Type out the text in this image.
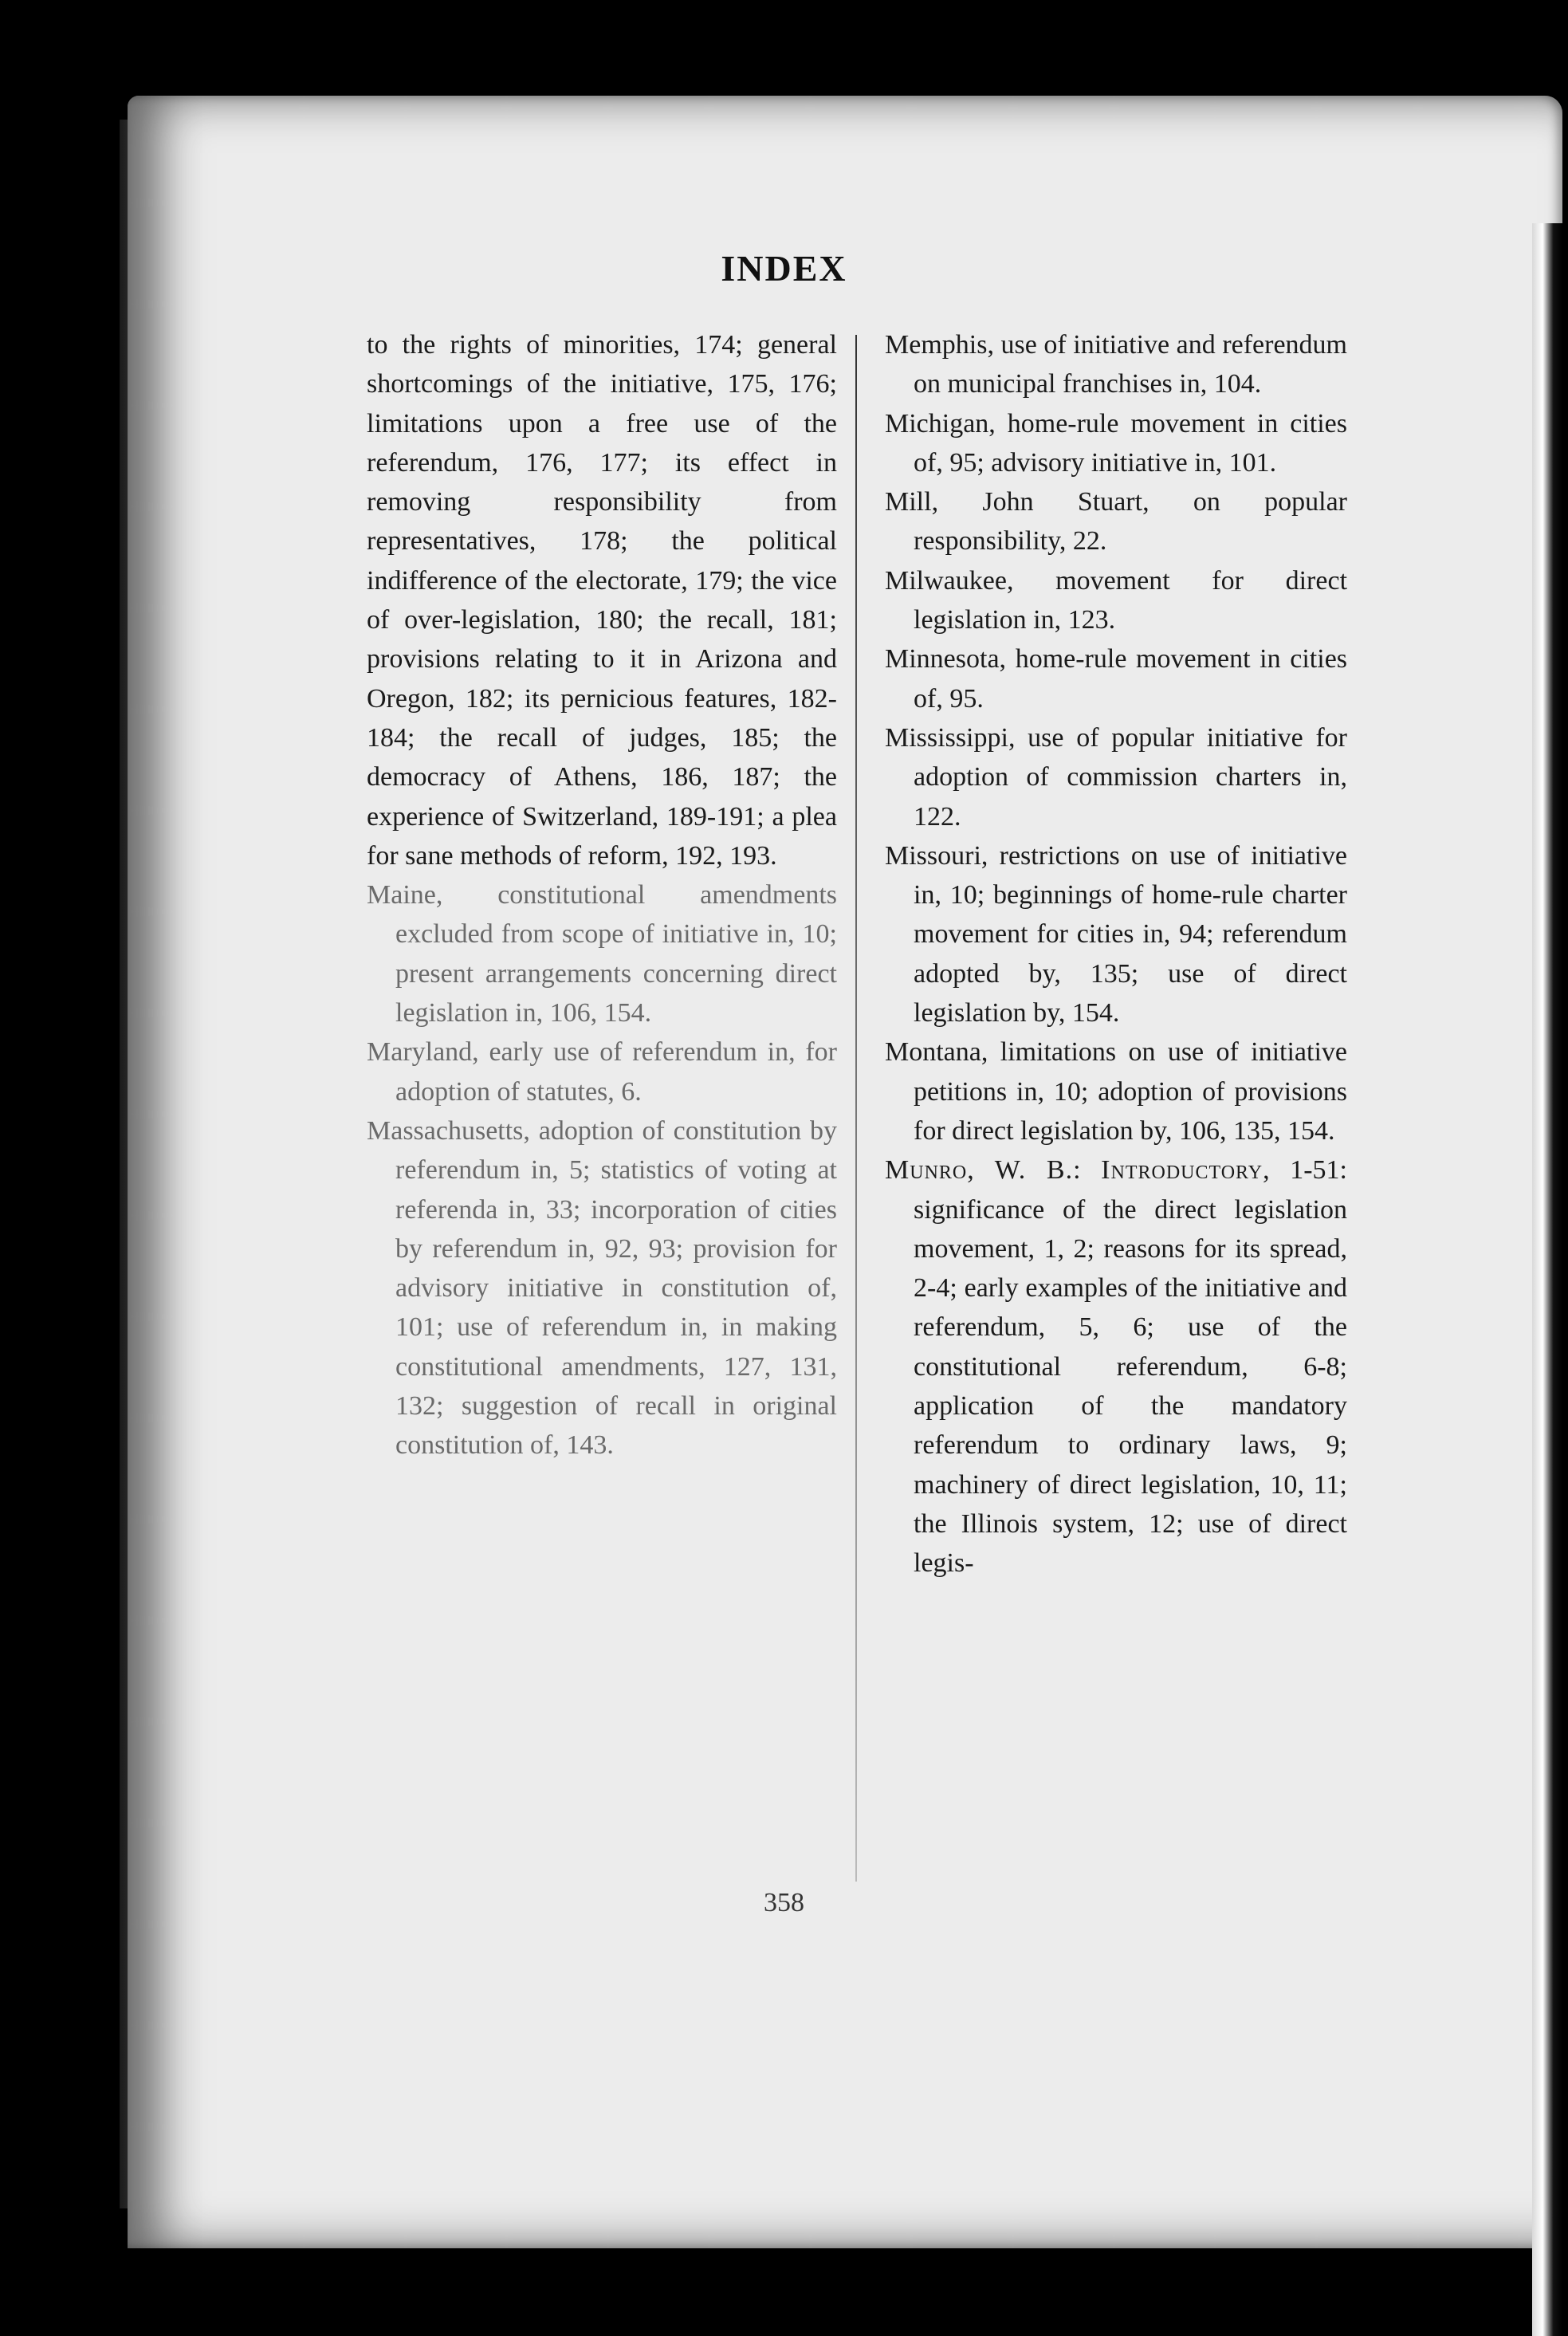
INDEX
to the rights of minorities, 174; general shortcomings of the initiative, 175, 176; limitations upon a free use of the referendum, 176, 177; its effect in removing responsibility from representatives, 178; the political indifference of the electorate, 179; the vice of over-legislation, 180; the recall, 181; provisions relating to it in Arizona and Oregon, 182; its pernicious features, 182-184; the recall of judges, 185; the democracy of Athens, 186, 187; the experience of Switzerland, 189-191; a plea for sane methods of reform, 192, 193.
Maine, constitutional amendments excluded from scope of initiative in, 10; present arrangements concerning direct legislation in, 106, 154.
Maryland, early use of referendum in, for adoption of statutes, 6.
Massachusetts, adoption of constitution by referendum in, 5; statistics of voting at referenda in, 33; incorporation of cities by referendum in, 92, 93; provision for advisory initiative in constitution of, 101; use of referendum in, in making constitutional amendments, 127, 131, 132; suggestion of recall in original constitution of, 143.
Memphis, use of initiative and referendum on municipal franchises in, 104.
Michigan, home-rule movement in cities of, 95; advisory initiative in, 101.
Mill, John Stuart, on popular responsibility, 22.
Milwaukee, movement for direct legislation in, 123.
Minnesota, home-rule movement in cities of, 95.
Mississippi, use of popular initiative for adoption of commission charters in, 122.
Missouri, restrictions on use of initiative in, 10; beginnings of home-rule charter movement for cities in, 94; referendum adopted by, 135; use of direct legislation by, 154.
Montana, limitations on use of initiative petitions in, 10; adoption of provisions for direct legislation by, 106, 135, 154.
Munro, W. B.: Introductory, 1-51: significance of the direct legislation movement, 1, 2; reasons for its spread, 2-4; early examples of the initiative and referendum, 5, 6; use of the constitutional referendum, 6-8; application of the mandatory referendum to ordinary laws, 9; machinery of direct legislation, 10, 11; the Illinois system, 12; use of direct legis-
358
